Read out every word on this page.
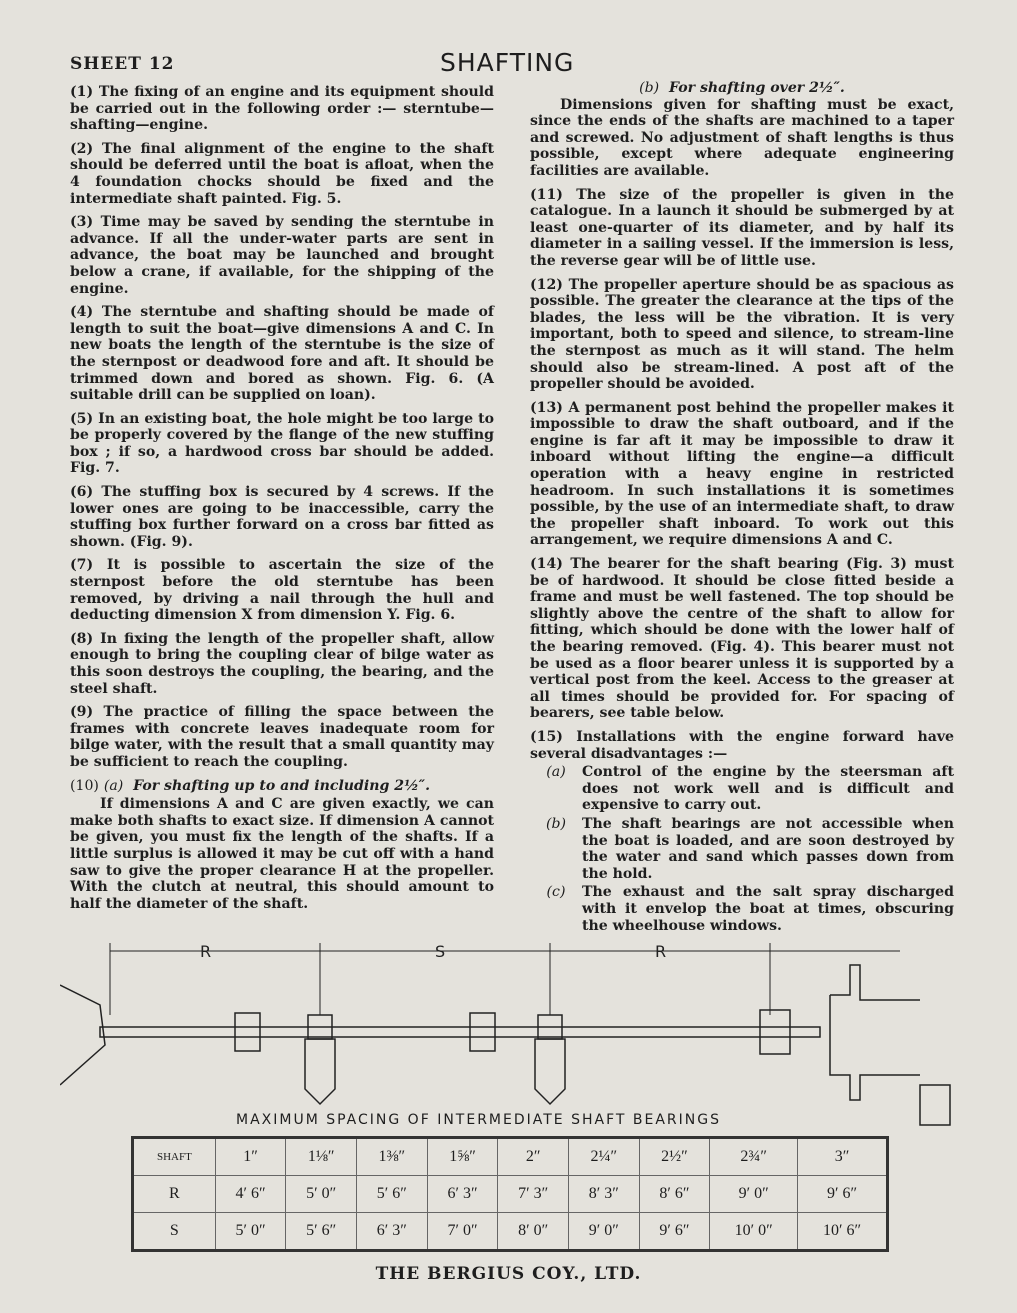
SHEET 12	SHAFTING

(1) The fixing of an engine and its equipment should be carried out in the following order :— sterntube—shafting—engine.

(2) The final alignment of the engine to the shaft should be deferred until the boat is afloat, when the 4 foundation chocks should be fixed and the intermediate shaft painted. Fig. 5.

(3) Time may be saved by sending the sterntube in advance. If all the under-water parts are sent in advance, the boat may be launched and brought below a crane, if available, for the shipping of the engine.

(4) The sterntube and shafting should be made of length to suit the boat—give dimensions A and C. In new boats the length of the sterntube is the size of the sternpost or deadwood fore and aft. It should be trimmed down and bored as shown. Fig. 6. (A suitable drill can be supplied on loan).

(5) In an existing boat, the hole might be too large to be properly covered by the flange of the new stuffing box ; if so, a hardwood cross bar should be added. Fig. 7.

(6) The stuffing box is secured by 4 screws. If the lower ones are going to be inaccessible, carry the stuffing box further forward on a cross bar fitted as shown. (Fig. 9).

(7) It is possible to ascertain the size of the sternpost before the old sterntube has been removed, by driving a nail through the hull and deducting dimension X from dimension Y. Fig. 6.

(8) In fixing the length of the propeller shaft, allow enough to bring the coupling clear of bilge water as this soon destroys the coupling, the bearing, and the steel shaft.

(9) The practice of filling the space between the frames with concrete leaves inadequate room for bilge water, with the result that a small quantity may be sufficient to reach the coupling.

(10) (a) For shafting up to and including 2½″.

If dimensions A and C are given exactly, we can make both shafts to exact size. If dimension A cannot be given, you must fix the length of the shafts. If a little surplus is allowed it may be cut off with a hand saw to give the proper clearance H at the propeller. With the clutch at neutral, this should amount to half the diameter of the shaft.

(b) For shafting over 2½″.

Dimensions given for shafting must be exact, since the ends of the shafts are machined to a taper and screwed. No adjustment of shaft lengths is thus possible, except where adequate engineering facilities are available.

(11) The size of the propeller is given in the catalogue. In a launch it should be submerged by at least one-quarter of its diameter, and by half its diameter in a sailing vessel. If the immersion is less, the reverse gear will be of little use.

(12) The propeller aperture should be as spacious as possible. The greater the clearance at the tips of the blades, the less will be the vibration. It is very important, both to speed and silence, to stream-line the sternpost as much as it will stand. The helm should also be stream-lined. A post aft of the propeller should be avoided.

(13) A permanent post behind the propeller makes it impossible to draw the shaft outboard, and if the engine is far aft it may be impossible to draw it inboard without lifting the engine—a difficult operation with a heavy engine in restricted headroom. In such installations it is sometimes possible, by the use of an intermediate shaft, to draw the propeller shaft inboard. To work out this arrangement, we require dimensions A and C.

(14) The bearer for the shaft bearing (Fig. 3) must be of hardwood. It should be close fitted beside a frame and must be well fastened. The top should be slightly above the centre of the shaft to allow for fitting, which should be done with the lower half of the bearing removed. (Fig. 4). This bearer must not be used as a floor bearer unless it is supported by a vertical post from the keel. Access to the greaser at all times should be provided for. For spacing of bearers, see table below.

(15) Installations with the engine forward have several disadvantages :—

(a)	Control of the engine by the steersman aft does not work well and is difficult and expensive to carry out.
(b)	The shaft bearings are not accessible when the boat is loaded, and are soon destroyed by the water and sand which passes down from the hold.
(c)	The exhaust and the salt spray discharged with it envelop the boat at times, obscuring the wheelhouse windows.
R	S	R
MAXIMUM SPACING OF INTERMEDIATE SHAFT BEARINGS
SHAFT	1″	1⅛″	1⅜″	1⅝″	2″	2¼″	2½″	2¾″	3″
R	4′ 6″	5′ 0″	5′ 6″	6′ 3″	7′ 3″	8′ 3″	8′ 6″	9′ 0″	9′ 6″
S	5′ 0″	5′ 6″	6′ 3″	7′ 0″	8′ 0″	9′ 0″	9′ 6″	10′ 0″	10′ 6″
THE BERGIUS COY., LTD.
